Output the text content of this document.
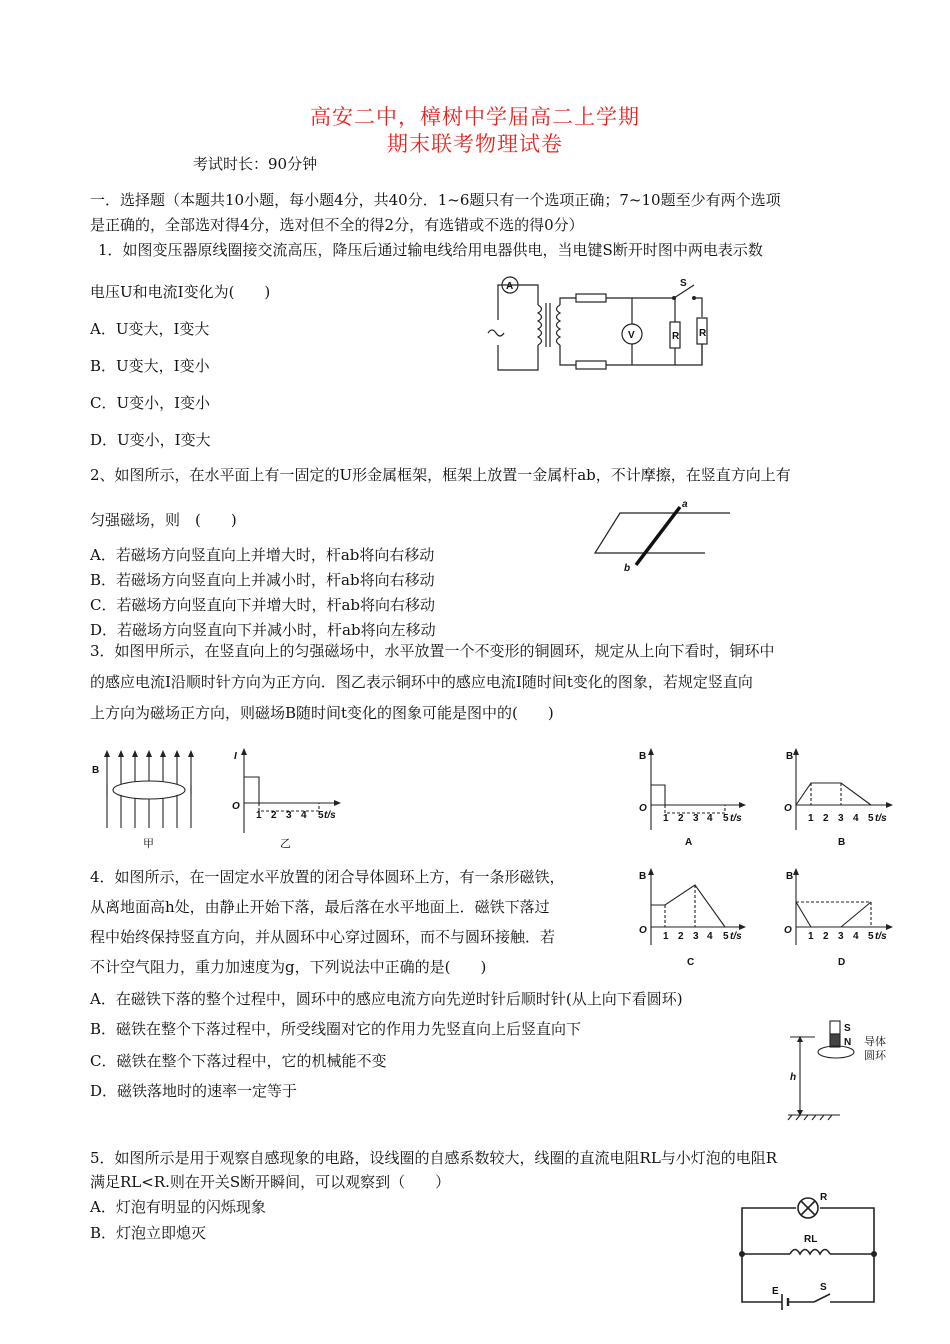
高安二中，樟树中学届高二上学期
期末联考物理试卷
考试时长：90分钟
一．选择题（本题共10小题，每小题4分，共40分．1~6题只有一个选项正确；7~10题至少有两个选项
是正确的，全部选对得4分，选对但不全的得2分，有选错或不选的得0分）
1．如图变压器原线圈接交流高压，降压后通过输电线给用电器供电，当电键S断开时图中两电表示数
电压U和电流I变化为(　　)
A．U变大，I变大
B．U变大，I变小
C．U变小，I变小
D．U变小，I变大
A
V	R R
S
2、如图所示，在水平面上有一固定的U形金属框架，框架上放置一金属杆ab，不计摩擦，在竖直方向上有
匀强磁场，则　(　　)
A．若磁场方向竖直向上并增大时，杆ab将向右移动
B．若磁场方向竖直向上并减小时，杆ab将向右移动
C．若磁场方向竖直向下并增大时，杆ab将向右移动
D．若磁场方向竖直向下并减小时，杆ab将向左移动
a
b
3．如图甲所示，在竖直向上的匀强磁场中，水平放置一个不变形的铜圆环，规定从上向下看时，铜环中
的感应电流I沿顺时针方向为正方向．图乙表示铜环中的感应电流I随时间t变化的图象，若规定竖直向
上方向为磁场正方向，则磁场B随时间t变化的图象可能是图中的(　　)
B
甲
I
O
1 2 3 4 5 t/s
乙
B
O
1 2 3 4 5 t/s
A
B
O
1 2 3 4 5 t/s
B
B
O
1 2 3 4 5 t/s
C
B
O
1 2 3 4 5 t/s
D
4．如图所示，在一固定水平放置的闭合导体圆环上方，有一条形磁铁，
从离地面高h处，由静止开始下落，最后落在水平地面上．磁铁下落过
程中始终保持竖直方向，并从圆环中心穿过圆环，而不与圆环接触．若
不计空气阻力，重力加速度为g，下列说法中正确的是(　　)
A．在磁铁下落的整个过程中，圆环中的感应电流方向先逆时针后顺时针(从上向下看圆环)
B．磁铁在整个下落过程中，所受线圈对它的作用力先竖直向上后竖直向下
C．磁铁在整个下落过程中，它的机械能不变
D．磁铁落地时的速率一定等于
S
N 导体
圆环
h
5．如图所示是用于观察自感现象的电路，设线圈的自感系数较大，线圈的直流电阻RL与小灯泡的电阻R
满足RL<R.则在开关S断开瞬间，可以观察到（　　）
A．灯泡有明显的闪烁现象
B．灯泡立即熄灭
R
RL
E	S
